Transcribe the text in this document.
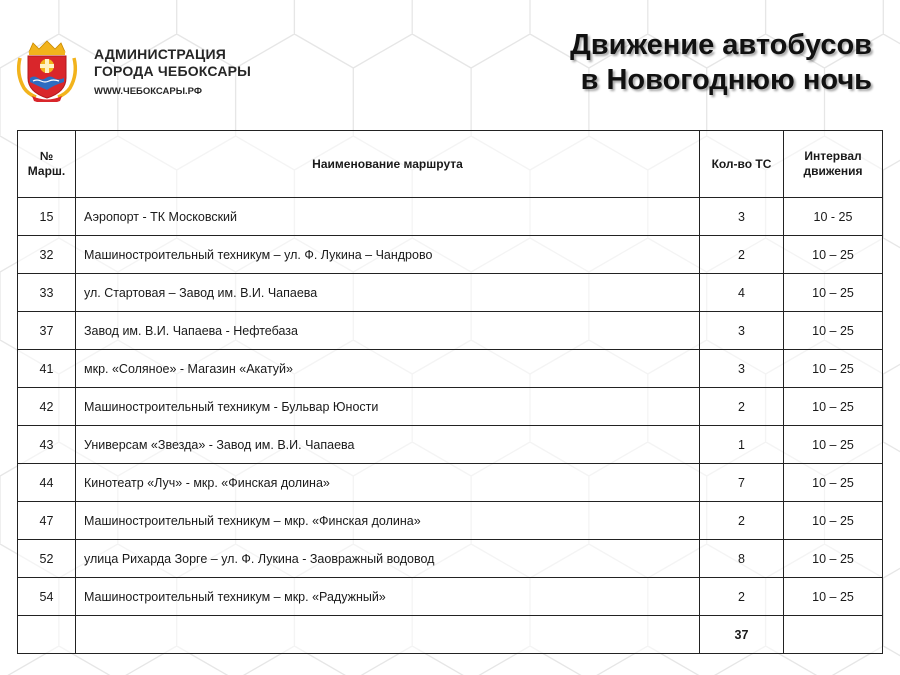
АДМИНИСТРАЦИЯ
ГОРОДА ЧЕБОКСАРЫ
WWW.ЧЕБОКСАРЫ.РФ
Движение автобусов
в Новогоднюю ночь
№ Марш.	Наименование маршрута	Кол-во ТС	Интервал движения
15	Аэропорт - ТК Московский	3	10 - 25
32	Машиностроительный техникум – ул. Ф. Лукина – Чандрово	2	10 – 25
33	ул. Стартовая – Завод им. В.И. Чапаева	4	10 – 25
37	Завод им. В.И. Чапаева - Нефтебаза	3	10 – 25
41	мкр. «Соляное» - Магазин «Акатуй»	3	10 – 25
42	Машиностроительный техникум - Бульвар Юности	2	10 – 25
43	Универсам «Звезда» - Завод им. В.И. Чапаева	1	10 – 25
44	Кинотеатр «Луч» - мкр. «Финская долина»	7	10 – 25
47	Машиностроительный техникум – мкр. «Финская долина»	2	10 – 25
52	улица Рихарда Зорге – ул. Ф. Лукина - Заовражный водовод	8	10 – 25
54	Машиностроительный техникум – мкр. «Радужный»	2	10 – 25
		37	
